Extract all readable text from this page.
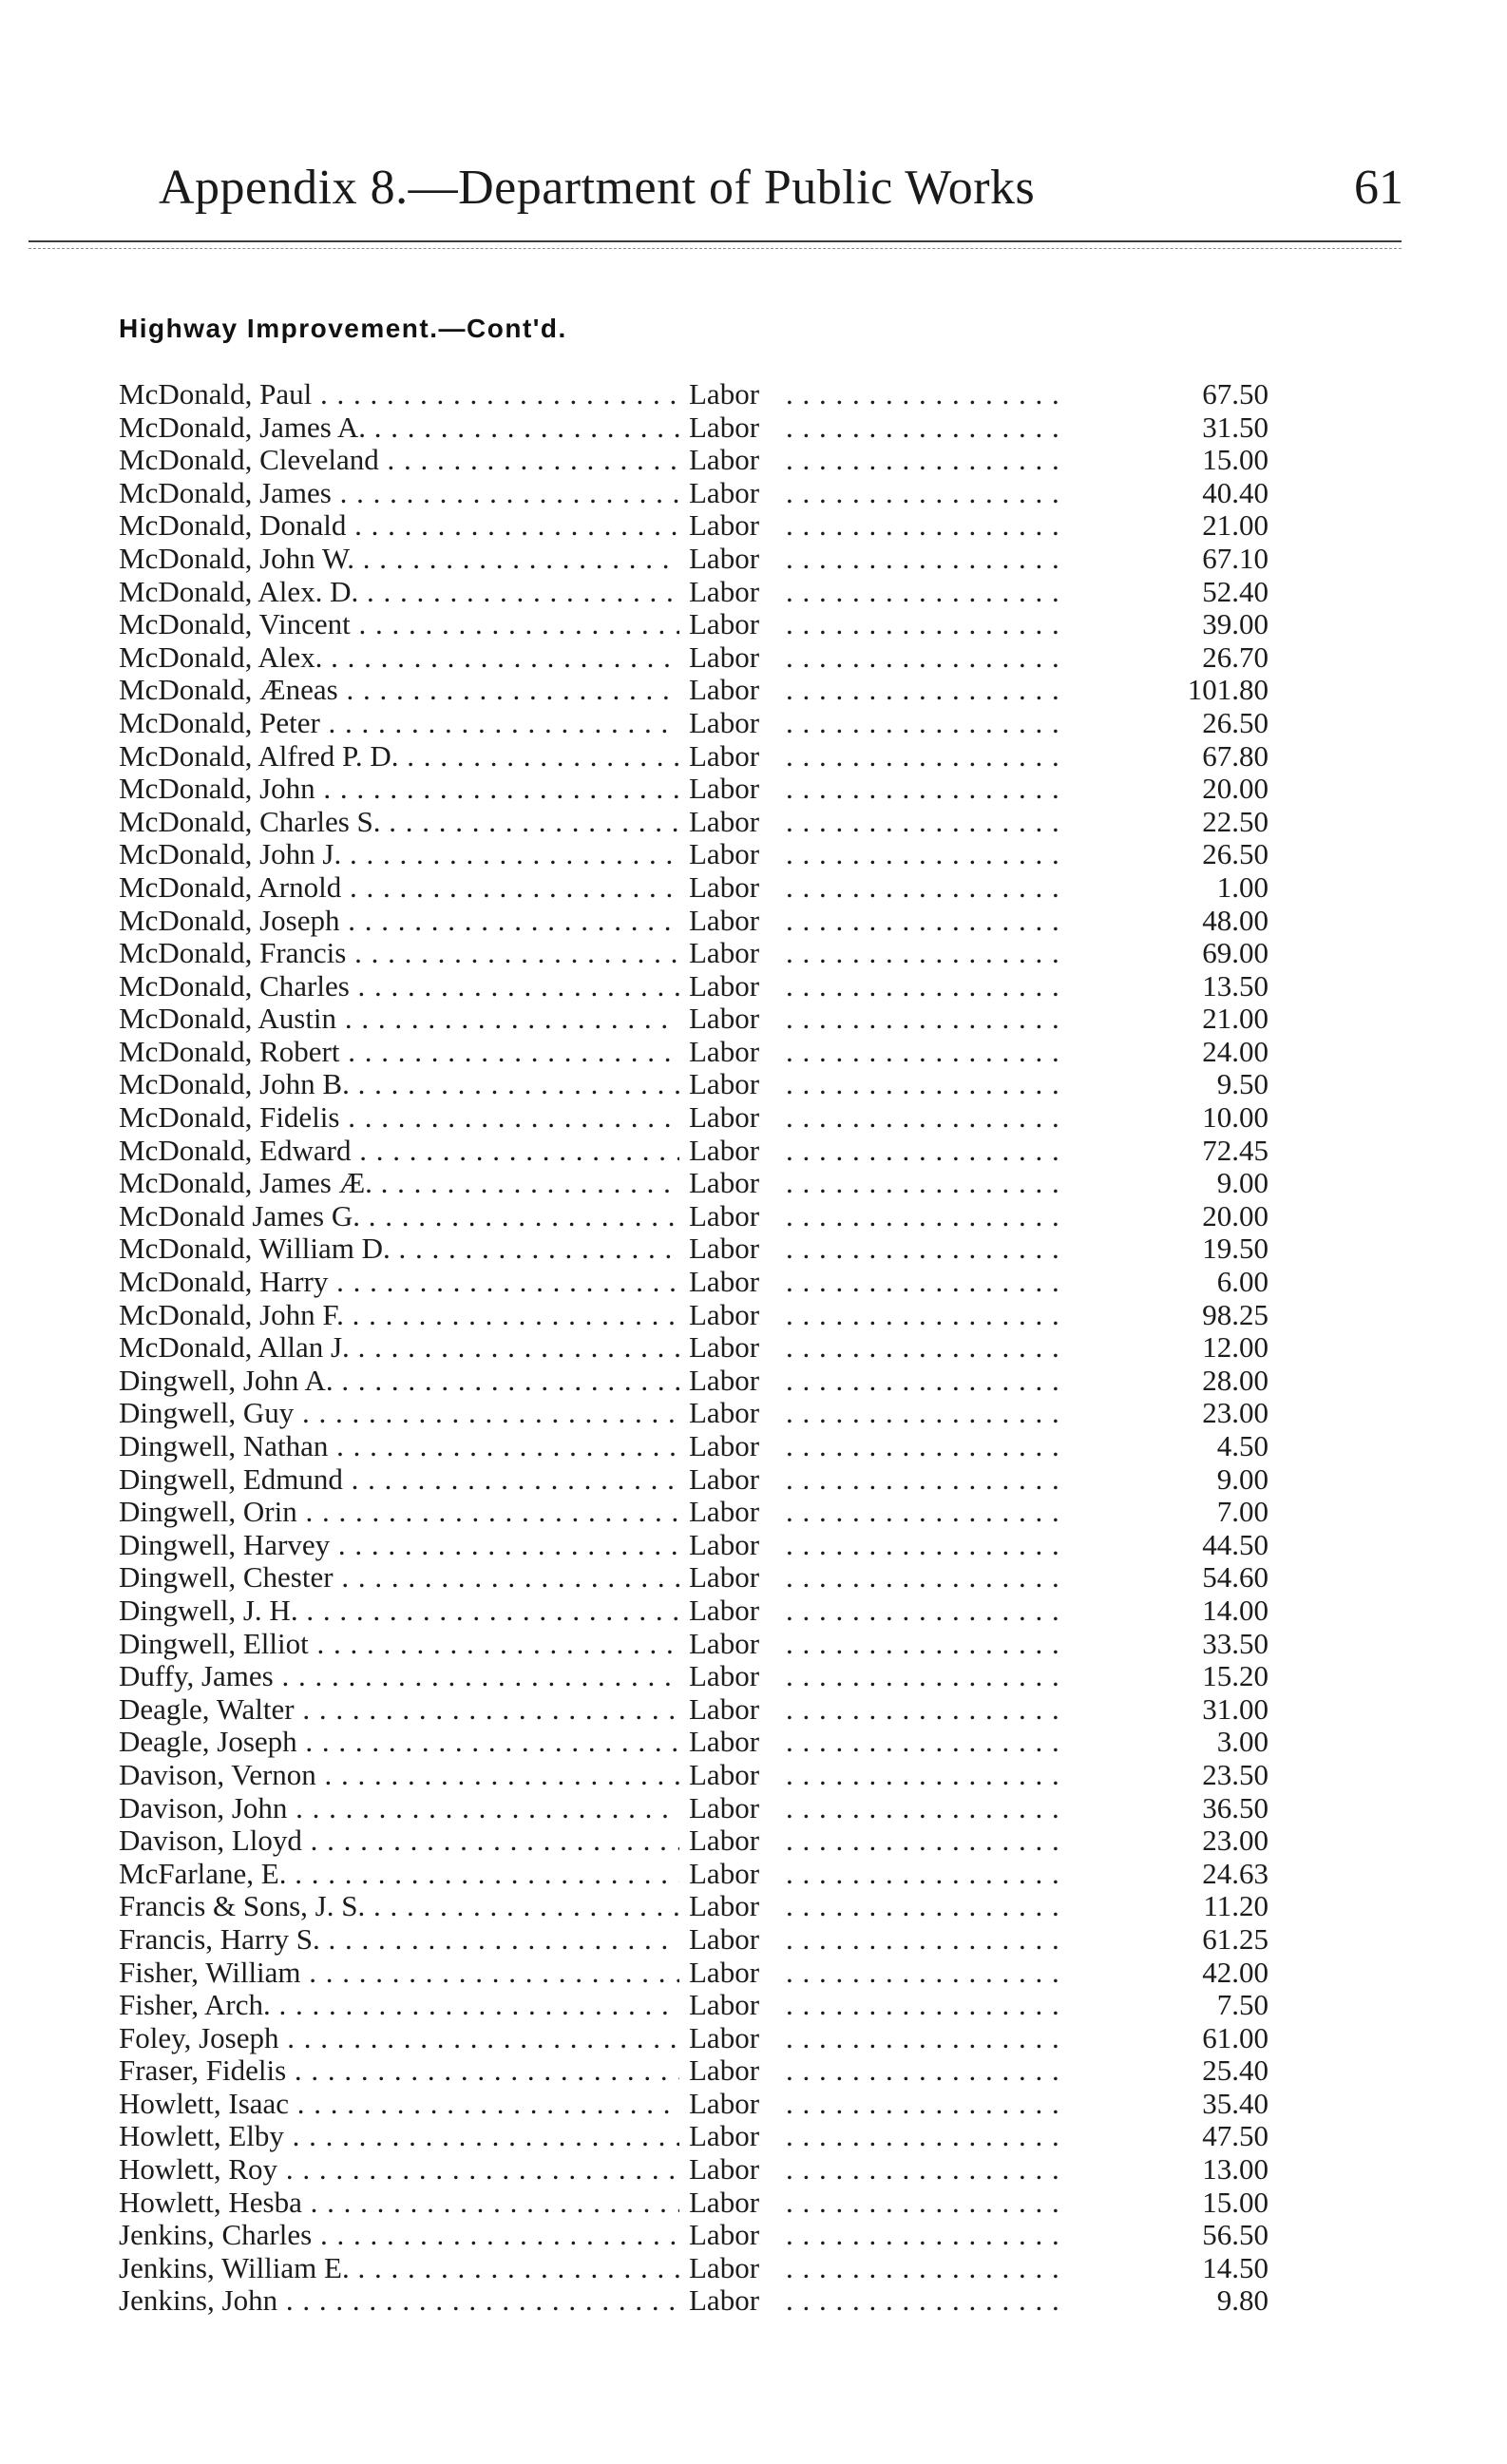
Appendix 8.—Department of Public Works	61
Highway Improvement.—Cont'd.
McDonald, Paul . . .	Labor . . .	67.50
McDonald, James A. . . .	Labor . . .	31.50
McDonald, Cleveland . . .	Labor . . .	15.00
McDonald, James . . .	Labor . . .	40.40
McDonald, Donald . . .	Labor . . .	21.00
McDonald, John W. . . .	Labor . . .	67.10
McDonald, Alex. D. . . .	Labor . . .	52.40
McDonald, Vincent . . .	Labor . . .	39.00
McDonald, Alex. . . .	Labor . . .	26.70
McDonald, Æneas . . .	Labor . . .	101.80
McDonald, Peter . . .	Labor . . .	26.50
McDonald, Alfred P. D. . . .	Labor . . .	67.80
McDonald, John . . .	Labor . . .	20.00
McDonald, Charles S. . . .	Labor . . .	22.50
McDonald, John J. . . .	Labor . . .	26.50
McDonald, Arnold . . .	Labor . . .	1.00
McDonald, Joseph . . .	Labor . . .	48.00
McDonald, Francis . . .	Labor . . .	69.00
McDonald, Charles . . .	Labor . . .	13.50
McDonald, Austin . . .	Labor . . .	21.00
McDonald, Robert . . .	Labor . . .	24.00
McDonald, John B. . . .	Labor . . .	9.50
McDonald, Fidelis . . .	Labor . . .	10.00
McDonald, Edward . . .	Labor . . .	72.45
McDonald, James Æ. . . .	Labor . . .	9.00
McDonald James G. . . .	Labor . . .	20.00
McDonald, William D. . . .	Labor . . .	19.50
McDonald, Harry . . .	Labor . . .	6.00
McDonald, John F. . . .	Labor . . .	98.25
McDonald, Allan J. . . .	Labor . . .	12.00
Dingwell, John A. . . .	Labor . . .	28.00
Dingwell, Guy . . .	Labor . . .	23.00
Dingwell, Nathan . . .	Labor . . .	4.50
Dingwell, Edmund . . .	Labor . . .	9.00
Dingwell, Orin . . .	Labor . . .	7.00
Dingwell, Harvey . . .	Labor . . .	44.50
Dingwell, Chester . . .	Labor . . .	54.60
Dingwell, J. H. . . .	Labor . . .	14.00
Dingwell, Elliot . . .	Labor . . .	33.50
Duffy, James . . .	Labor . . .	15.20
Deagle, Walter . . .	Labor . . .	31.00
Deagle, Joseph . . .	Labor . . .	3.00
Davison, Vernon . . .	Labor . . .	23.50
Davison, John . . .	Labor . . .	36.50
Davison, Lloyd . . .	Labor . . .	23.00
McFarlane, E. . . .	Labor . . .	24.63
Francis & Sons, J. S. . . .	Labor . . .	11.20
Francis, Harry S. . . .	Labor . . .	61.25
Fisher, William . . .	Labor . . .	42.00
Fisher, Arch. . . .	Labor . . .	7.50
Foley, Joseph . . .	Labor . . .	61.00
Fraser, Fidelis . . .	Labor . . .	25.40
Howlett, Isaac . . .	Labor . . .	35.40
Howlett, Elby . . .	Labor . . .	47.50
Howlett, Roy . . .	Labor . . .	13.00
Howlett, Hesba . . .	Labor . . .	15.00
Jenkins, Charles . . .	Labor . . .	56.50
Jenkins, William E. . . .	Labor . . .	14.50
Jenkins, John . . .	Labor . . .	9.80
